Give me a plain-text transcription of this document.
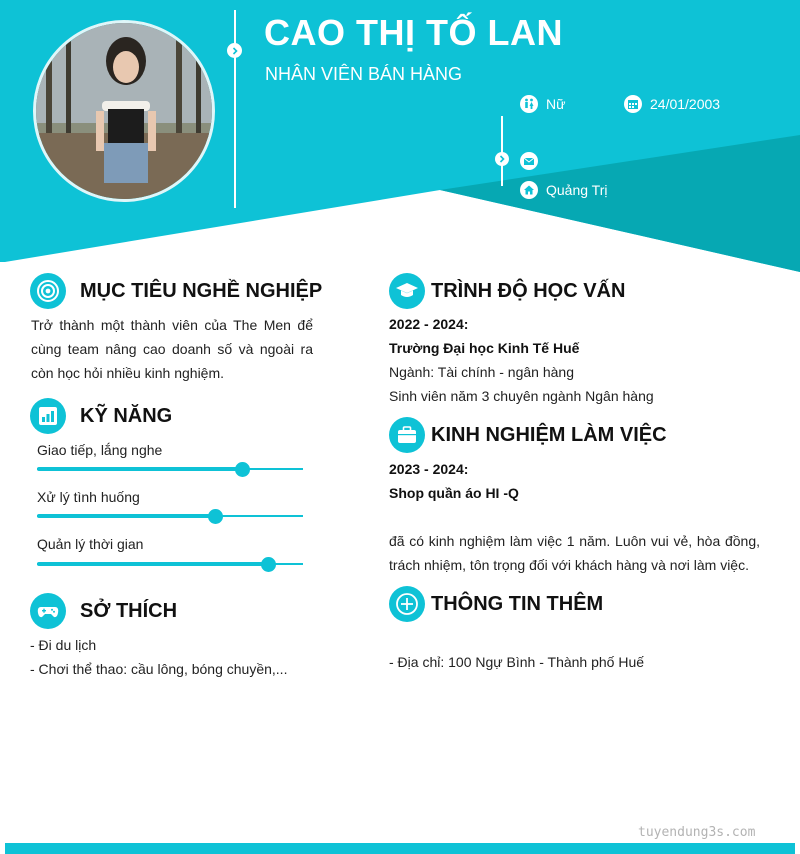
CAO THỊ TỐ LAN
NHÂN VIÊN BÁN HÀNG
Nữ	24/01/2003
Quảng Trị
MỤC TIÊU NGHỀ NGHIỆP
Trở thành một thành viên của The Men để cùng team nâng cao doanh số và ngoài ra còn học hỏi nhiều kinh nghiệm.
KỸ NĂNG
Giao tiếp, lắng nghe
Xử lý tình huống
Quản lý thời gian
SỞ THÍCH
- Đi du lịch
- Chơi thể thao: cầu lông, bóng chuyền,...
TRÌNH ĐỘ HỌC VẤN
2022 - 2024:
Trường Đại học Kinh Tế Huế
Ngành: Tài chính - ngân hàng
Sinh viên năm 3 chuyên ngành Ngân hàng
KINH NGHIỆM LÀM VIỆC
2023 - 2024:
Shop quần áo HI -Q
đã có kinh nghiệm làm việc 1 năm. Luôn vui vẻ, hòa đồng, trách nhiệm, tôn trọng đối với khách hàng và nơi làm việc.
THÔNG TIN THÊM
- Địa chỉ: 100 Ngự Bình - Thành phố Huế
tuyendung3s.com
